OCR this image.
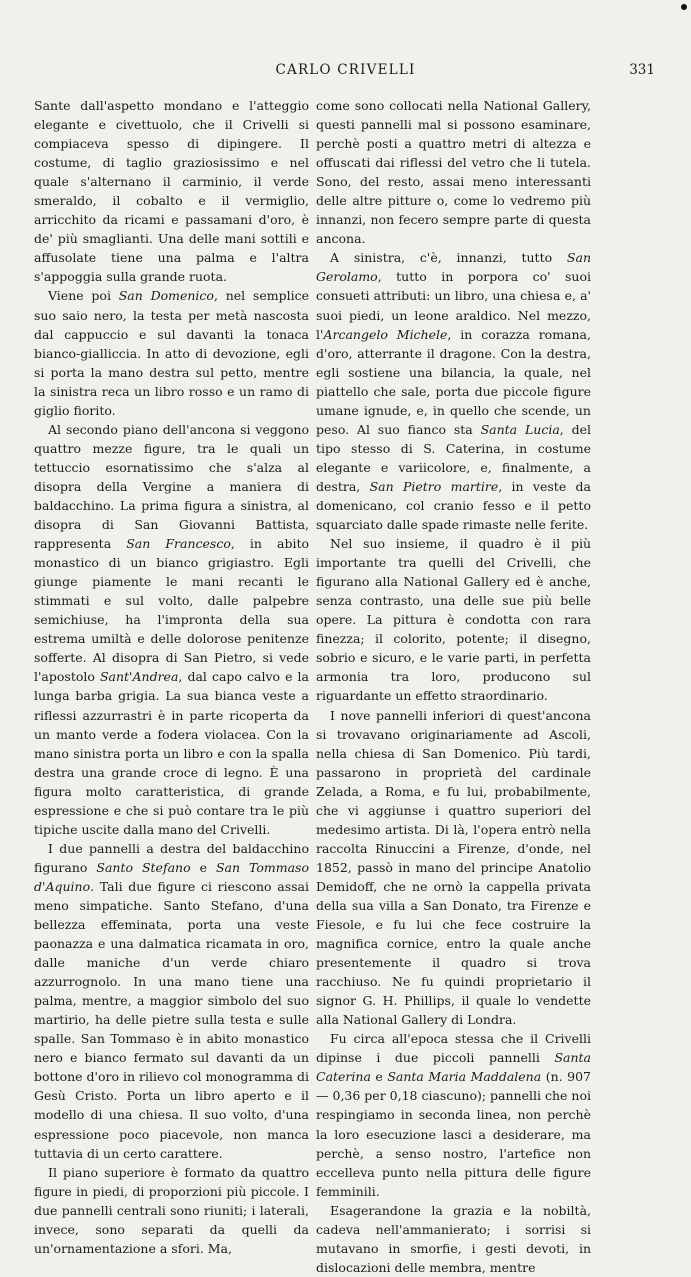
CARLO CRIVELLI	331

Sante dall'aspetto mondano e l'atteggio elegante e civettuolo, che il Crivelli si compiaceva spesso di dipingere. Il costume, di taglio graziosissimo e nel quale s'alternano il carminio, il verde smeraldo, il cobalto e il vermiglio, arricchito da ricami e passamani d'oro, è de' più smaglianti. Una delle mani sottili e affusolate tiene una palma e l'altra s'appoggia sulla grande ruota.

Viene poi San Domenico, nel semplice suo saio nero, la testa per metà nascosta dal cappuccio e sul davanti la tonaca bianco-gialliccia. In atto di devozione, egli si porta la mano destra sul petto, mentre la sinistra reca un libro rosso e un ramo di giglio fiorito.

Al secondo piano dell'ancona si veggono quattro mezze figure, tra le quali un tettuccio esornatissimo che s'alza al disopra della Vergine a maniera di baldacchino. La prima figura a sinistra, al disopra di San Giovanni Battista, rappresenta San Francesco, in abito monastico di un bianco grigiastro. Egli giunge piamente le mani recanti le stimmati e sul volto, dalle palpebre semichiuse, ha l'impronta della sua estrema umiltà e delle dolorose penitenze sofferte. Al disopra di San Pietro, si vede l'apostolo Sant'Andrea, dal capo calvo e la lunga barba grigia. La sua bianca veste a riflessi azzurrastri è in parte ricoperta da un manto verde a fodera violacea. Con la mano sinistra porta un libro e con la spalla destra una grande croce di legno. È una figura molto caratteristica, di grande espressione e che si può contare tra le più tipiche uscite dalla mano del Crivelli.

I due pannelli a destra del baldacchino figurano Santo Stefano e San Tommaso d'Aquino. Tali due figure ci riescono assai meno simpatiche. Santo Stefano, d'una bellezza effeminata, porta una veste paonazza e una dalmatica ricamata in oro, dalle maniche d'un verde chiaro azzurrognolo. In una mano tiene una palma, mentre, a maggior simbolo del suo martirio, ha delle pietre sulla testa e sulle spalle. San Tommaso è in abito monastico nero e bianco fermato sul davanti da un bottone d'oro in rilievo col monogramma di Gesù Cristo. Porta un libro aperto e il modello di una chiesa. Il suo volto, d'una espressione poco piacevole, non manca tuttavia di un certo carattere.

Il piano superiore è formato da quattro figure in piedi, di proporzioni più piccole. I due pannelli centrali sono riuniti; i laterali, invece, sono separati da quelli da un'ornamentazione a sfori. Ma,

come sono collocati nella National Gallery, questi pannelli mal si possono esaminare, perchè posti a quattro metri di altezza e offuscati dai riflessi del vetro che li tutela. Sono, del resto, assai meno interessanti delle altre pitture o, come lo vedremo più innanzi, non fecero sempre parte di questa ancona.

A sinistra, c'è, innanzi, tutto San Gerolamo, tutto in porpora co' suoi consueti attributi: un libro, una chiesa e, a' suoi piedi, un leone araldico. Nel mezzo, l'Arcangelo Michele, in corazza romana, d'oro, atterrante il dragone. Con la destra, egli sostiene una bilancia, la quale, nel piattello che sale, porta due piccole figure umane ignude, e, in quello che scende, un peso. Al suo fianco sta Santa Lucia, del tipo stesso di S. Caterina, in costume elegante e variicolore, e, finalmente, a destra, San Pietro martire, in veste da domenicano, col cranio fesso e il petto squarciato dalle spade rimaste nelle ferite.

Nel suo insieme, il quadro è il più importante tra quelli del Crivelli, che figurano alla National Gallery ed è anche, senza contrasto, una delle sue più belle opere. La pittura è condotta con rara finezza; il colorito, potente; il disegno, sobrio e sicuro, e le varie parti, in perfetta armonia tra loro, producono sul riguardante un effetto straordinario.

I nove pannelli inferiori di quest'ancona si trovavano originariamente ad Ascoli, nella chiesa di San Domenico. Più tardi, passarono in proprietà del cardinale Zelada, a Roma, e fu lui, probabilmente, che vi aggiunse i quattro superiori del medesimo artista. Di là, l'opera entrò nella raccolta Rinuccini a Firenze, d'onde, nel 1852, passò in mano del principe Anatolio Demidoff, che ne ornò la cappella privata della sua villa a San Donato, tra Firenze e Fiesole, e fu lui che fece costruire la magnifica cornice, entro la quale anche presentemente il quadro si trova racchiuso. Ne fu quindi proprietario il signor G. H. Phillips, il quale lo vendette alla National Gallery di Londra.

Fu circa all'epoca stessa che il Crivelli dipinse i due piccoli pannelli Santa Caterina e Santa Maria Maddalena (n. 907 — 0,36 per 0,18 ciascuno); pannelli che noi respingiamo in seconda linea, non perchè la loro esecuzione lasci a desiderare, ma perchè, a senso nostro, l'artefice non eccelleva punto nella pittura delle figure femminili.

Esagerandone la grazia e la nobiltà, cadeva nell'ammanierato; i sorrisi si mutavano in smorfie, i gesti devoti, in dislocazioni delle membra, mentre
